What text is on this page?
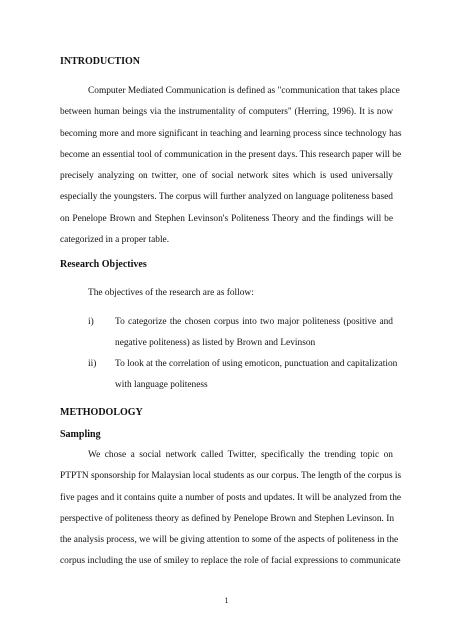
INTRODUCTION
Computer Mediated Communication is defined as "communication that takes place
between human beings via the instrumentality of computers" (Herring, 1996). It is now
becoming more and more significant in teaching and learning process since technology has
become an essential tool of communication in the present days. This research paper will be
precisely analyzing on twitter, one of social network sites which is used universally
especially the youngsters. The corpus will further analyzed on language politeness based
on Penelope Brown and Stephen Levinson's Politeness Theory and the findings will be
categorized in a proper table.
Research Objectives
The objectives of the research are as follow:
i) To categorize the chosen corpus into two major politeness (positive and
negative politeness) as listed by Brown and Levinson
ii) To look at the correlation of using emoticon, punctuation and capitalization
with language politeness
METHODOLOGY
Sampling
We chose a social network called Twitter, specifically the trending topic on
PTPTN sponsorship for Malaysian local students as our corpus. The length of the corpus is
five pages and it contains quite a number of posts and updates. It will be analyzed from the
perspective of politeness theory as defined by Penelope Brown and Stephen Levinson. In
the analysis process, we will be giving attention to some of the aspects of politeness in the
corpus including the use of smiley to replace the role of facial expressions to communicate
1
